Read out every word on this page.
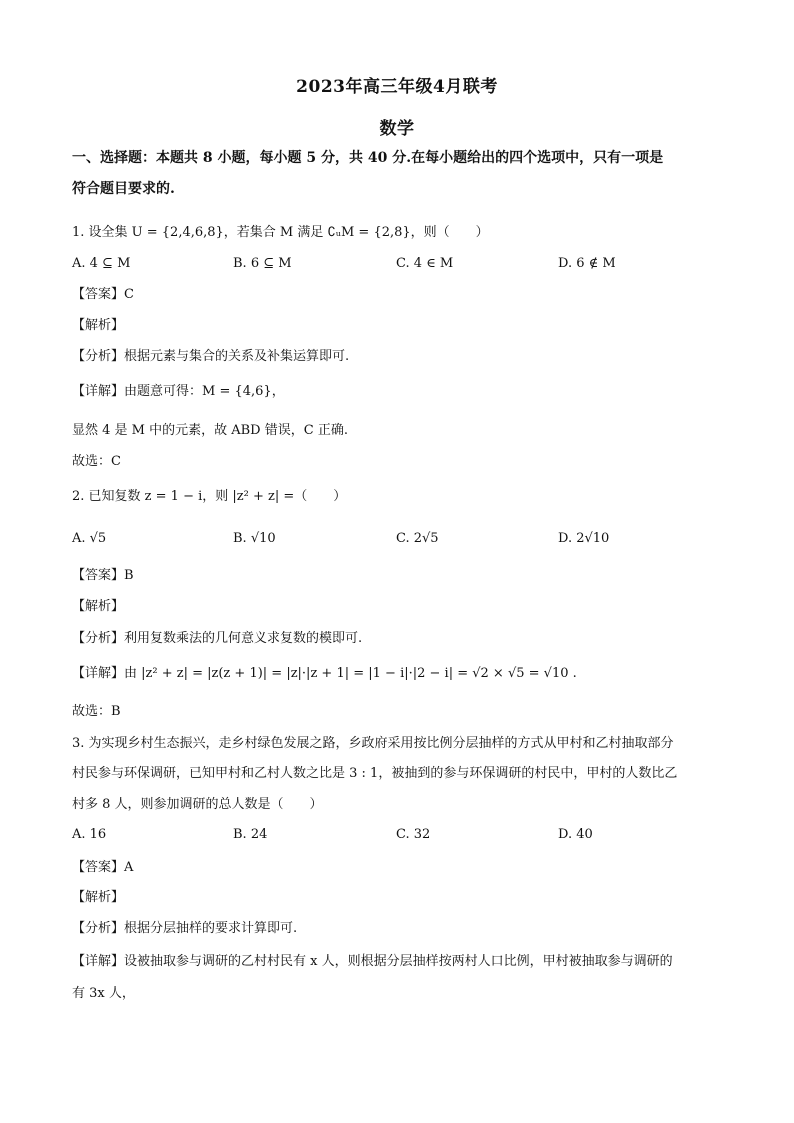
2023年高三年级4月联考
数学
一、选择题：本题共 8 小题，每小题 5 分，共 40 分.在每小题给出的四个选项中，只有一项是
符合题目要求的.
1. 设全集 U = {2,4,6,8}，若集合 M 满足 ∁ᵤM = {2,8}，则（　　）
A. 4 ⊆ M	B. 6 ⊆ M	C. 4 ∈ M	D. 6 ∉ M
【答案】C
【解析】
【分析】根据元素与集合的关系及补集运算即可.
【详解】由题意可得：M = {4,6}，
显然 4 是 M 中的元素，故 ABD 错误，C 正确.
故选：C
2. 已知复数 z = 1 − i，则 |z² + z| =（　　）
A. √5	B. √10	C. 2√5	D. 2√10
【答案】B
【解析】
【分析】利用复数乘法的几何意义求复数的模即可.
【详解】由 |z² + z| = |z(z + 1)| = |z|·|z + 1| = |1 − i|·|2 − i| = √2 × √5 = √10 .
故选：B
3. 为实现乡村生态振兴，走乡村绿色发展之路，乡政府采用按比例分层抽样的方式从甲村和乙村抽取部分
村民参与环保调研，已知甲村和乙村人数之比是 3 : 1，被抽到的参与环保调研的村民中，甲村的人数比乙
村多 8 人，则参加调研的总人数是（　　）
A. 16	B. 24	C. 32	D. 40
【答案】A
【解析】
【分析】根据分层抽样的要求计算即可.
【详解】设被抽取参与调研的乙村村民有 x 人，则根据分层抽样按两村人口比例，甲村被抽取参与调研的
有 3x 人，
